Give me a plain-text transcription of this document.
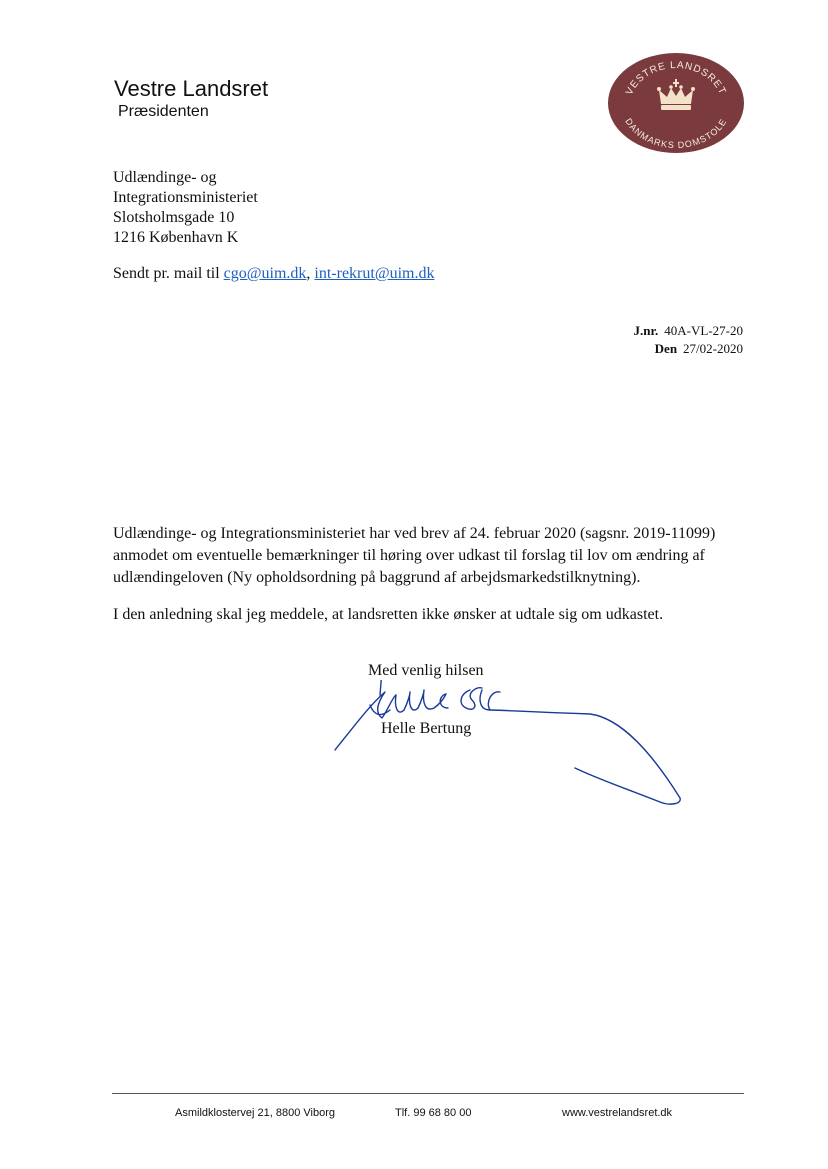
Vestre Landsret
Præsidenten
VESTRE LANDSRET
DANMARKS DOMSTOLE
Udlændinge- og
Integrationsministeriet
Slotsholmsgade 10
1216 København K
Sendt pr. mail til cgo@uim.dk, int-rekrut@uim.dk
J.nr. 40A-VL-27-20
Den 27/02-2020
Udlændinge- og Integrationsministeriet har ved brev af 24. februar 2020 (sagsnr. 2019-11099) anmodet om eventuelle bemærkninger til høring over udkast til forslag til lov om ændring af udlændingeloven (Ny opholdsordning på baggrund af arbejdsmarkedstilknytning).
I den anledning skal jeg meddele, at landsretten ikke ønsker at udtale sig om udkastet.
Med venlig hilsen
Helle Bertung
Asmildklostervej 21, 8800 Viborg	Tlf. 99 68 80 00	www.vestrelandsret.dk
